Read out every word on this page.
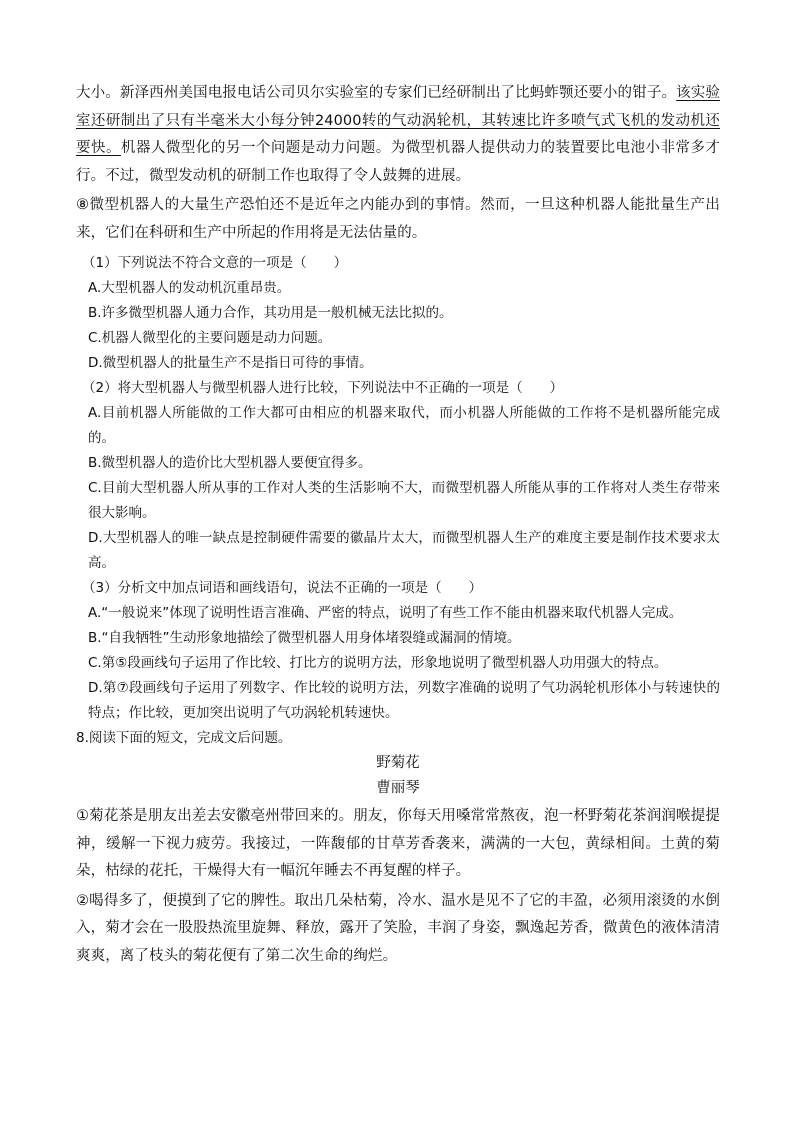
大小。新泽西州美国电报电话公司贝尔实验室的专家们已经研制出了比蚂蚱颚还要小的钳子。该实验室还研制出了只有半毫米大小每分钟24000转的气动涡轮机，其转速比许多喷气式飞机的发动机还要快。机器人微型化的另一个问题是动力问题。为微型机器人提供动力的装置要比电池小非常多才行。不过，微型发动机的研制工作也取得了令人鼓舞的进展。

⑧微型机器人的大量生产恐怕还不是近年之内能办到的事情。然而，一旦这种机器人能批量生产出来，它们在科研和生产中所起的作用将是无法估量的。

（1）下列说法不符合文意的一项是（　　）

A.大型机器人的发动机沉重昂贵。

B.许多微型机器人通力合作，其功用是一般机械无法比拟的。

C.机器人微型化的主要问题是动力问题。

D.微型机器人的批量生产不是指日可待的事情。

（2）将大型机器人与微型机器人进行比较，下列说法中不正确的一项是（　　）

A.目前机器人所能做的工作大都可由相应的机器来取代，而小机器人所能做的工作将不是机器所能完成的。

B.微型机器人的造价比大型机器人要便宜得多。

C.目前大型机器人所从事的工作对人类的生活影响不大，而微型机器人所能从事的工作将对人类生存带来很大影响。

D.大型机器人的唯一缺点是控制硬件需要的徽晶片太大，而微型机器人生产的难度主要是制作技术要求太高。

（3）分析文中加点词语和画线语句，说法不正确的一项是（　　）

A.“一般说来”体现了说明性语言准确、严密的特点，说明了有些工作不能由机器来取代机器人完成。

B.“自我牺牲”生动形象地描绘了微型机器人用身体堵裂缝或漏洞的情境。

C.第⑤段画线句子运用了作比较、打比方的说明方法，形象地说明了微型机器人功用强大的特点。

D.第⑦段画线句子运用了列数字、作比较的说明方法，列数字准确的说明了气功涡轮机形体小与转速快的特点；作比较，更加突出说明了气功涡轮机转速快。

8.阅读下面的短文，完成文后问题。

野菊花

曹丽琴

①菊花茶是朋友出差去安徽亳州带回来的。朋友，你每天用嗓常常熬夜，泡一杯野菊花茶润润喉提提神，缓解一下视力疲劳。我接过，一阵馥郁的甘草芳香袭来，满满的一大包，黄绿相间。土黄的菊朵，枯绿的花托，干燥得大有一幅沉年睡去不再复醒的样子。

②喝得多了，便摸到了它的脾性。取出几朵枯菊，冷水、温水是见不了它的丰盈，必须用滚烫的水倒入，菊才会在一股股热流里旋舞、释放，露开了笑脸，丰润了身姿，飘逸起芳香，微黄色的液体清清爽爽，离了枝头的菊花便有了第二次生命的绚烂。
